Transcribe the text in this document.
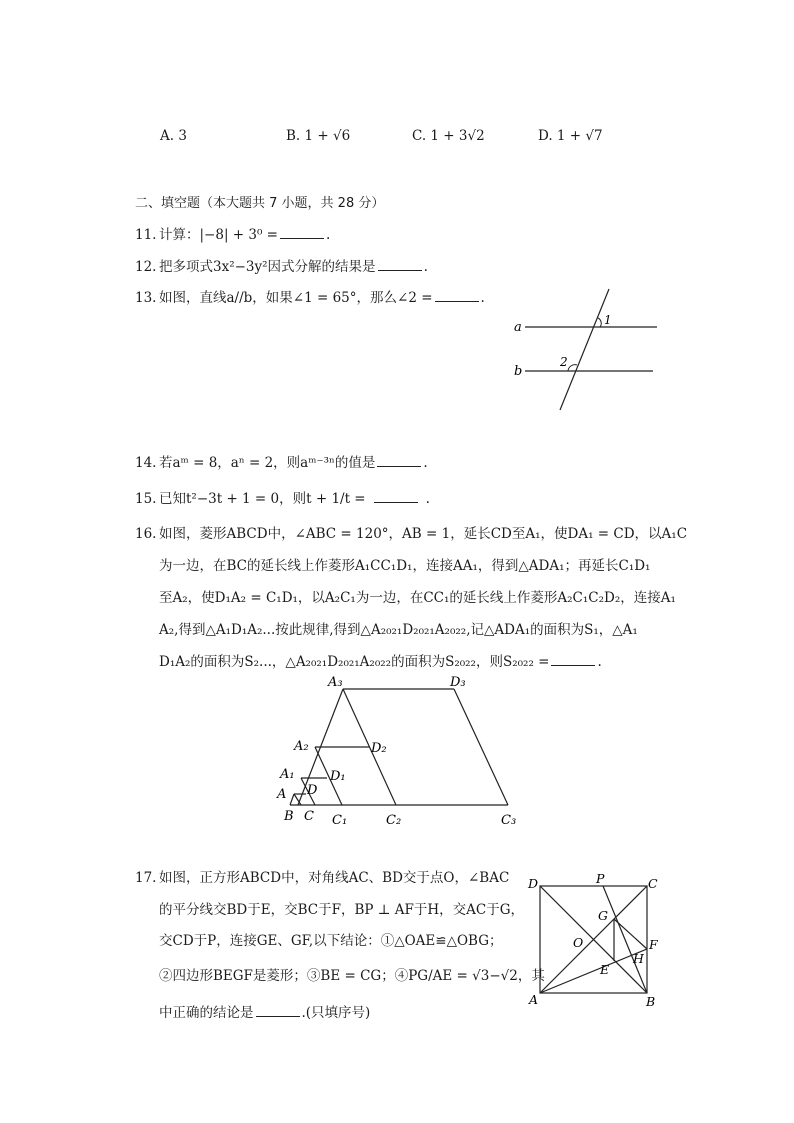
A. 3	B. 1 + √6	C. 1 + 3√2	D. 1 + √7
二、填空题（本大题共 7 小题，共 28 分）
11. 计算：|−8| + 3⁰ =	.
12. 把多项式3x²−3y²因式分解的结果是	.
13. 如图，直线a//b，如果∠1 = 65°，那么∠2 =	.
a
b
1
2
14. 若aᵐ = 8，aⁿ = 2，则aᵐ⁻³ⁿ的值是	.
15. 已知t²−3t + 1 = 0，则t + 1/t =	.
16. 如图，菱形ABCD中，∠ABC = 120°，AB = 1，延长CD至A₁，使DA₁ = CD，以A₁C
为一边，在BC的延长线上作菱形A₁CC₁D₁，连接AA₁，得到△ADA₁；再延长C₁D₁
至A₂，使D₁A₂ = C₁D₁，以A₂C₁为一边，在CC₁的延长线上作菱形A₂C₁C₂D₂，连接A₁
A₂,得到△A₁D₁A₂...按此规律,得到△A₂₀₂₁D₂₀₂₁A₂₀₂₂,记△ADA₁的面积为S₁，△A₁
D₁A₂的面积为S₂...，△A₂₀₂₁D₂₀₂₁A₂₀₂₂的面积为S₂₀₂₂，则S₂₀₂₂ =	.
A₃	D₃
A₂	D₂
A₁	D₁
A D
B C C₁	C₂	C₃
17. 如图，正方形ABCD中，对角线AC、BD交于点O，∠BAC
的平分线交BD于E，交BC于F，BP ⊥ AF于H，交AC于G，
交CD于P，连接GE、GF,以下结论：①△OAE≌△OBG；
②四边形BEGF是菱形；③BE = CG；④PG/AE = √3−√2，其
中正确的结论是	.(只填序号)
D	P	C
G
O	F
E
H
A	B
